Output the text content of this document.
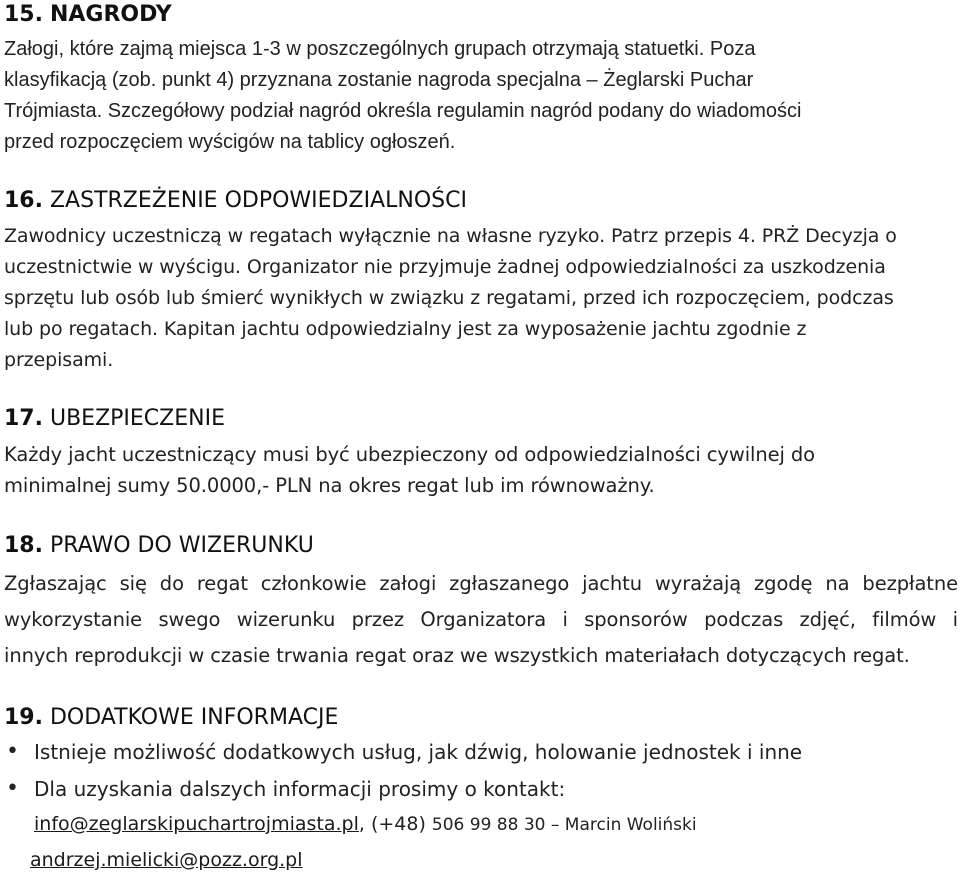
15. NAGRODY
Załogi, które zajmą miejsca 1-3 w poszczególnych grupach otrzymają statuetki. Poza
klasyfikacją (zob. punkt 4) przyznana zostanie nagroda specjalna – Żeglarski Puchar
Trójmiasta. Szczegółowy podział nagród określa regulamin nagród podany do wiadomości
przed rozpoczęciem wyścigów na tablicy ogłoszeń.
16. ZASTRZEŻENIE ODPOWIEDZIALNOŚCI
Zawodnicy uczestniczą w regatach wyłącznie na własne ryzyko. Patrz przepis 4. PRŻ Decyzja o
uczestnictwie w wyścigu. Organizator nie przyjmuje żadnej odpowiedzialności za uszkodzenia
sprzętu lub osób lub śmierć wynikłych w związku z regatami, przed ich rozpoczęciem, podczas
lub po regatach. Kapitan jachtu odpowiedzialny jest za wyposażenie jachtu zgodnie z
przepisami.
17. UBEZPIECZENIE
Każdy jacht uczestniczący musi być ubezpieczony od odpowiedzialności cywilnej do
minimalnej sumy 50.0000,- PLN na okres regat lub im równoważny.
18. PRAWO DO WIZERUNKU
Zgłaszając się do regat członkowie załogi zgłaszanego jachtu wyrażają zgodę na bezpłatne
wykorzystanie swego wizerunku przez Organizatora i sponsorów podczas zdjęć, filmów i
innych reprodukcji w czasie trwania regat oraz we wszystkich materiałach dotyczących regat.
19. DODATKOWE INFORMACJE
• Istnieje możliwość dodatkowych usług, jak dźwig, holowanie jednostek i inne
• Dla uzyskania dalszych informacji prosimy o kontakt:
info@zeglarskipuchartrojmiasta.pl, (+48) 506 99 88 30 – Marcin Woliński
andrzej.mielicki@pozz.org.pl
